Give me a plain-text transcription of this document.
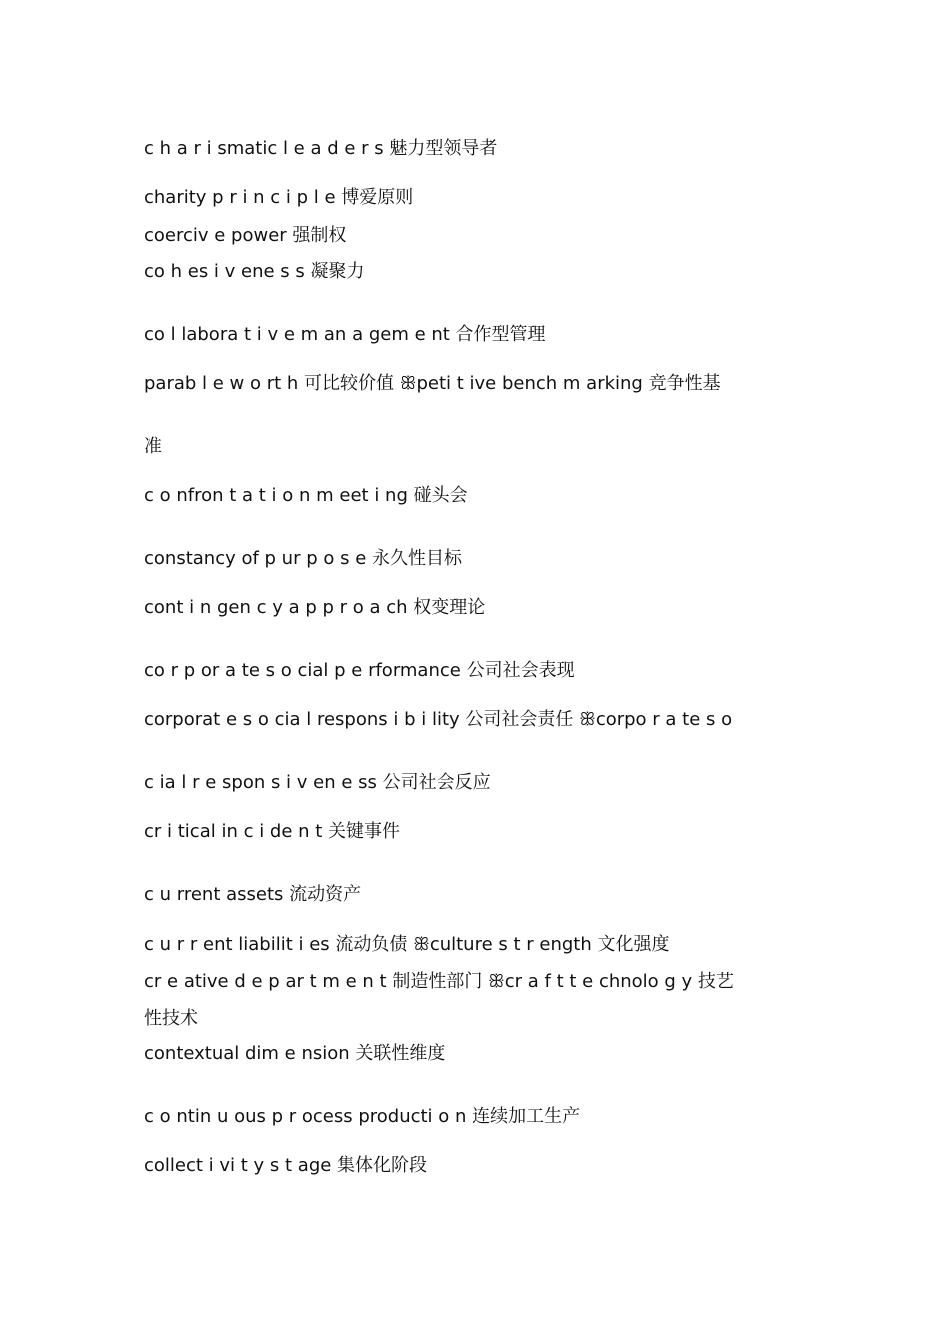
c h a r i smatic l e a d e r s 魅力型领导者
charity p r i n c i p l e 博爱原则
coerciv e power 强制权
co h es i v ene s s 凝聚力
co l labora t i v e m an a gem e nt 合作型管理
parab l e w o rt h 可比较价值 ꕥpeti t ive bench m arking 竞争性基
准
c o nfron t a t i o n m eet i ng 碰头会
constancy of p ur p o s e 永久性目标
cont i n gen c y a p p r o a ch 权变理论
co r p or a te s o cial p e rformance 公司社会表现
corporat e s o cia l respons i b i lity 公司社会责任 ꕥcorpo r a te s o
c ia l r e spon s i v en e ss 公司社会反应
cr i tical in c i de n t 关键事件
c u rrent assets 流动资产
c u r r ent liabilit i es 流动负债 ꕥculture s t r ength 文化强度
cr e ative d e p ar t m e n t 制造性部门 ꕥcr a f t t e chnolo g y 技艺
性技术
contextual dim e nsion 关联性维度
c o ntin u ous p r ocess producti o n 连续加工生产
collect i vi t y s t age 集体化阶段
